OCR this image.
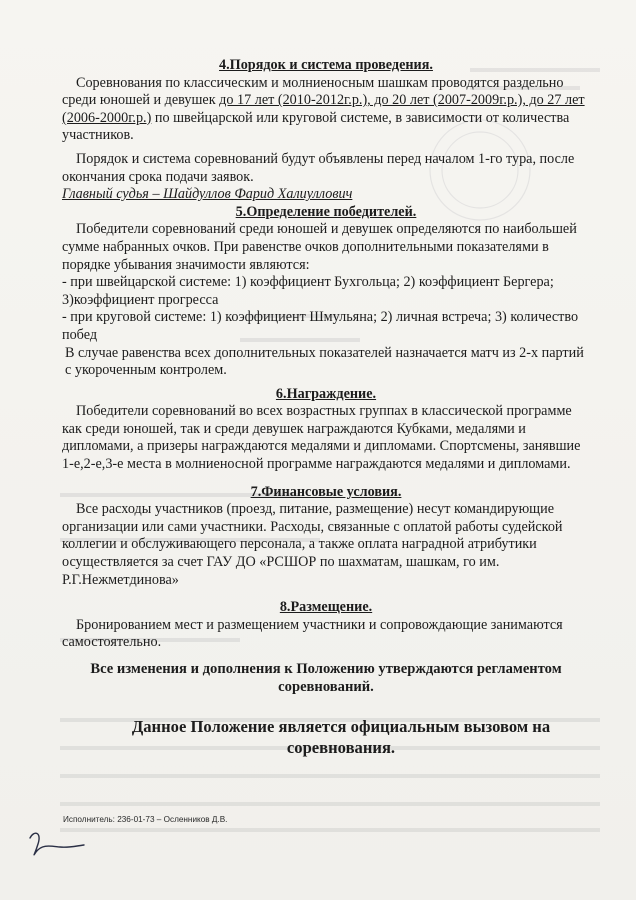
4.Порядок и система проведения.

Соревнования по классическим и молниеносным шашкам проводятся раздельно среди юношей и девушек до 17 лет (2010-2012г.р.), до 20 лет (2007-2009г.р.), до 27 лет (2006-2000г.р.) по швейцарской или круговой системе, в зависимости от количества участников.

Порядок и система соревнований будут объявлены перед началом 1-го тура, после окончания срока подачи заявок.

Главный судья – Шайдуллов Фарид Халиуллович

5.Определение победителей.

Победители соревнований среди юношей и девушек определяются по наибольшей сумме набранных очков. При равенстве очков дополнительными показателями в порядке убывания значимости являются:

- при швейцарской системе: 1) коэффициент Бухгольца; 2) коэффициент Бергера; 3)коэффициент прогресса

- при круговой системе: 1) коэффициент Шмульяна; 2) личная встреча; 3) количество побед

В случае равенства всех дополнительных показателей назначается матч из 2-х партий с укороченным контролем.

6.Награждение.

Победители соревнований во всех возрастных группах в классической программе как среди юношей, так и среди девушек награждаются Кубками, медалями и дипломами, а призеры награждаются медалями и дипломами. Спортсмены, занявшие 1-е,2-е,3-е места в молниеносной программе награждаются медалями и дипломами.

7.Финансовые условия.

Все расходы участников (проезд, питание, размещение) несут командирующие организации или сами участники. Расходы, связанные с оплатой работы судейской коллегии и обслуживающего персонала, а также оплата наградной атрибутики осуществляется за счет ГАУ ДО «РСШОР по шахматам, шашкам, го им. Р.Г.Нежметдинова»

8.Размещение.

Бронированием мест и размещением участники и сопровождающие занимаются самостоятельно.

Все изменения и дополнения к Положению утверждаются регламентом соревнований.

Данное Положение является официальным вызовом на соревнования.

Исполнитель: 236-01-73 – Осленников Д.В.
